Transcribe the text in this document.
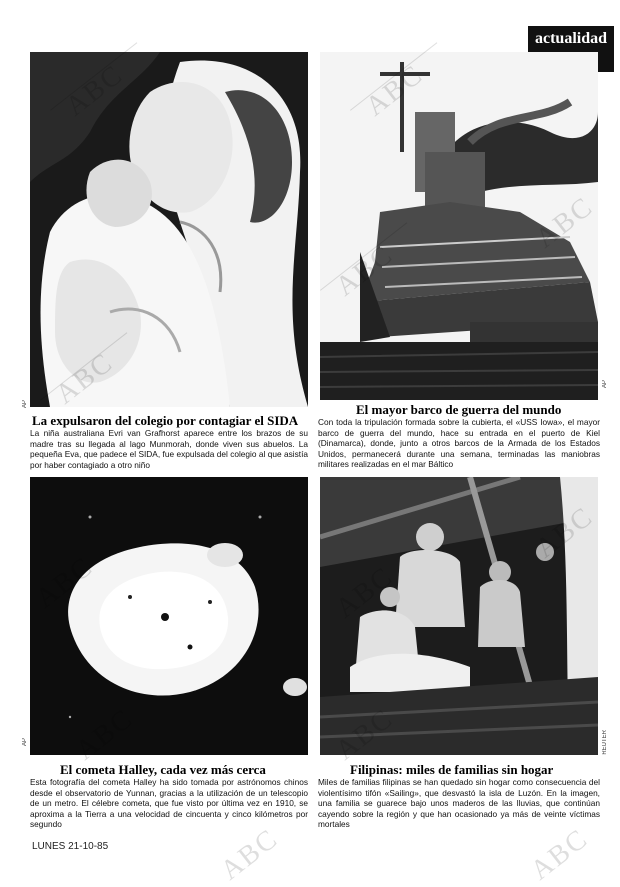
actualidad
AP
AP
AP	REUTER
La expulsaron del colegio por contagiar el SIDA
La niña australiana Evri van Grafhorst aparece entre los brazos de su madre tras su llegada al lago Munmorah, donde viven sus abuelos. La pequeña Eva, que padece el SIDA, fue expulsada del colegio al que asistía por haber contagiado a otro niño
El mayor barco de guerra del mundo
Con toda la tripulación formada sobre la cubierta, el «USS Iowa», el mayor barco de guerra del mundo, hace su entrada en el puerto de Kiel (Dinamarca), donde, junto a otros barcos de la Armada de los Estados Unidos, permanecerá durante una semana, terminadas las maniobras militares realizadas en el mar Báltico
El cometa Halley, cada vez más cerca
Esta fotografía del cometa Halley ha sido tomada por astrónomos chinos desde el observatorio de Yunnan, gracias a la utilización de un telescopio de un metro. El célebre cometa, que fue visto por última vez en 1910, se aproxima a la Tierra a una velocidad de cincuenta y cinco kilómetros por segundo
Filipinas: miles de familias sin hogar
Miles de familias filipinas se han quedado sin hogar como consecuencia del violentísimo tifón «Sailing», que desvastó la isla de Luzón. En la imagen, una familia se guarece bajo unos maderos de las lluvias, que continúan cayendo sobre la región y que han ocasionado ya más de veinte víctimas mortales
LUNES 21-10-85	ABC	ABC
